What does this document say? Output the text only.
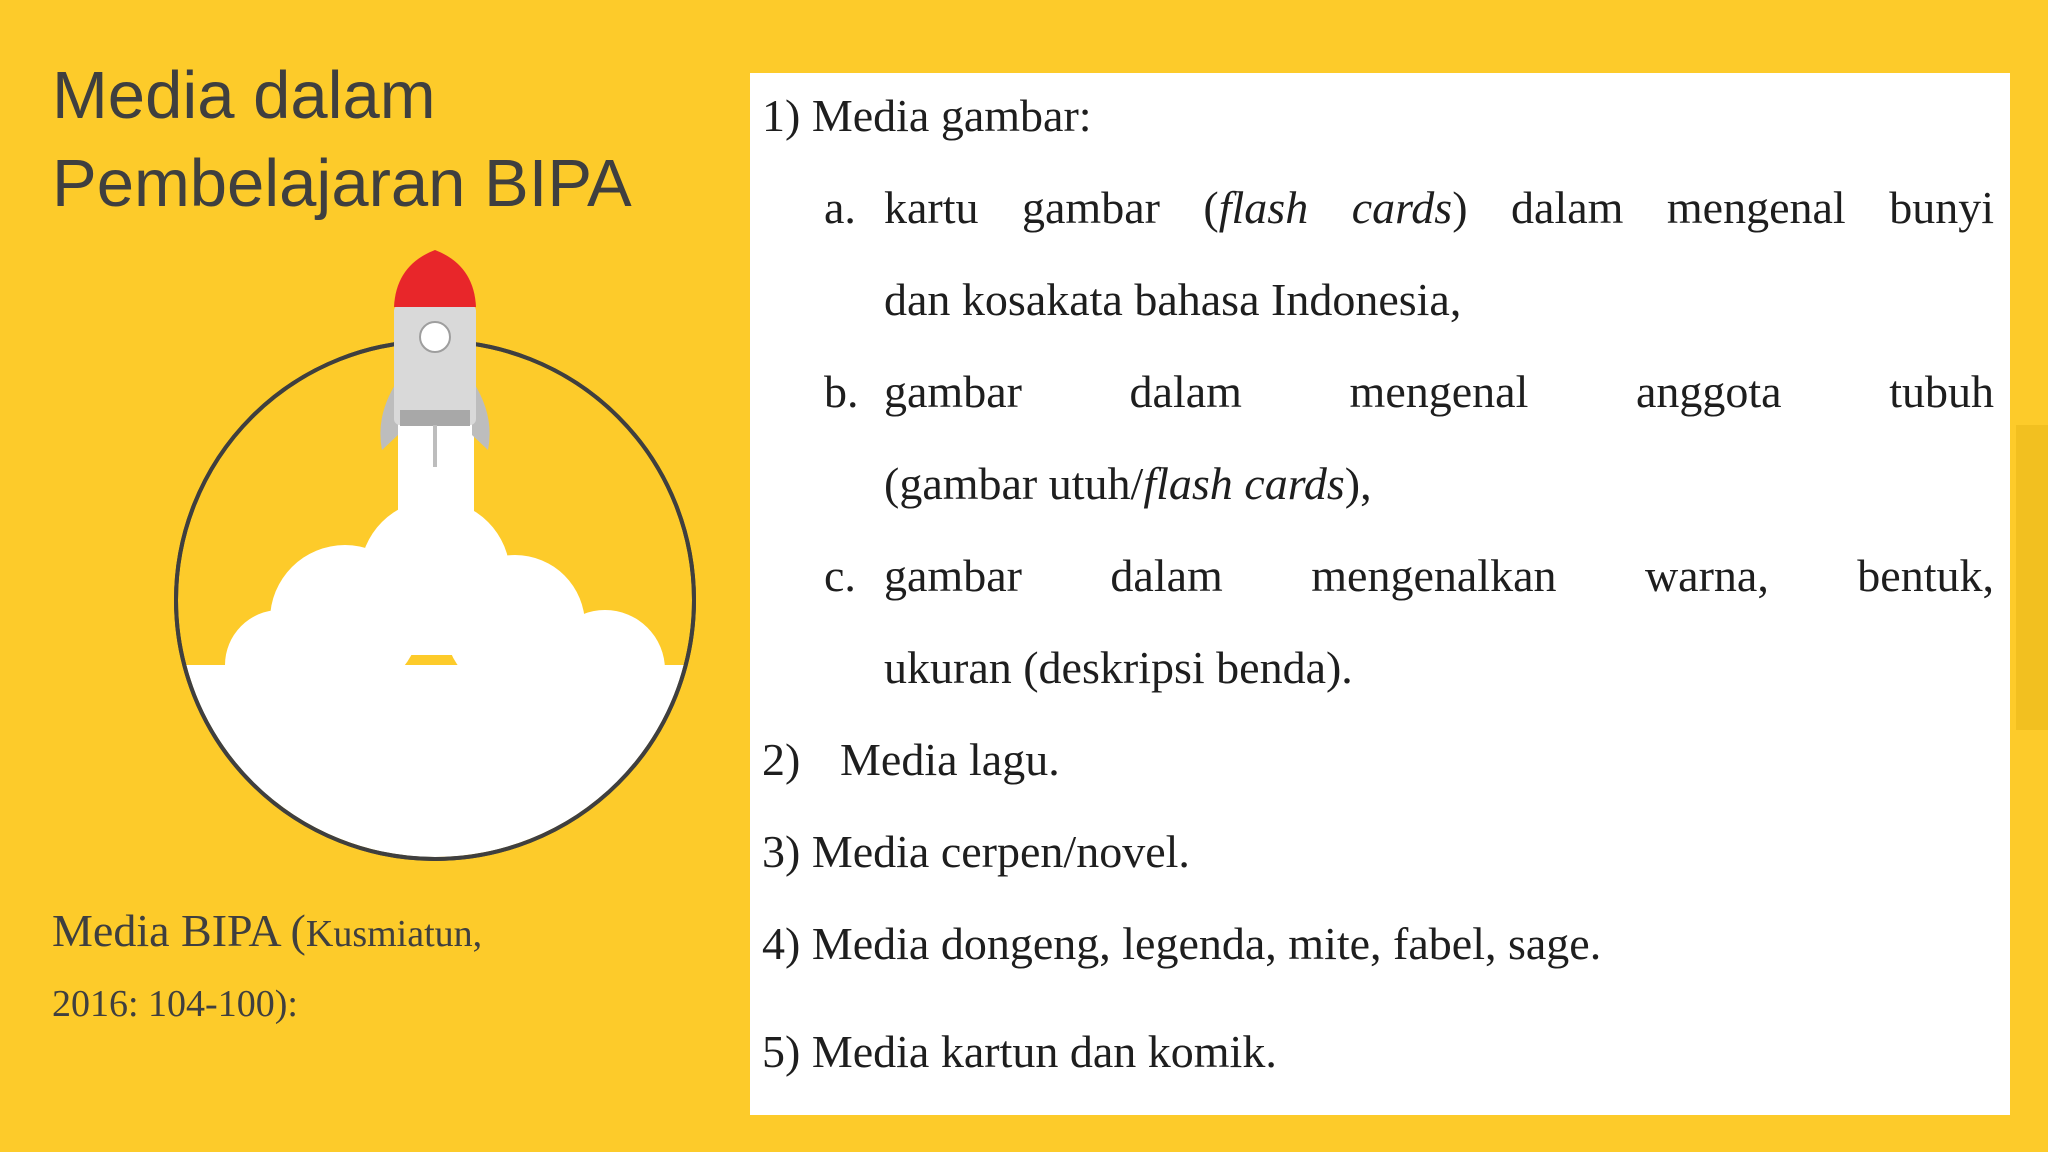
Media dalam
Pembelajaran BIPA
Media BIPA (Kusmiatun,
2016: 104-100):
1) Media gambar:
a. kartu gambar (flash cards) dalam mengenal bunyi
dan kosakata bahasa Indonesia,
b. gambar dalam mengenal anggota tubuh
(gambar utuh/flash cards),
c. gambar dalam mengenalkan warna, bentuk,
ukuran (deskripsi benda).
2) Media lagu.
3) Media cerpen/novel.
4) Media dongeng, legenda, mite, fabel, sage.
5) Media kartun dan komik.
